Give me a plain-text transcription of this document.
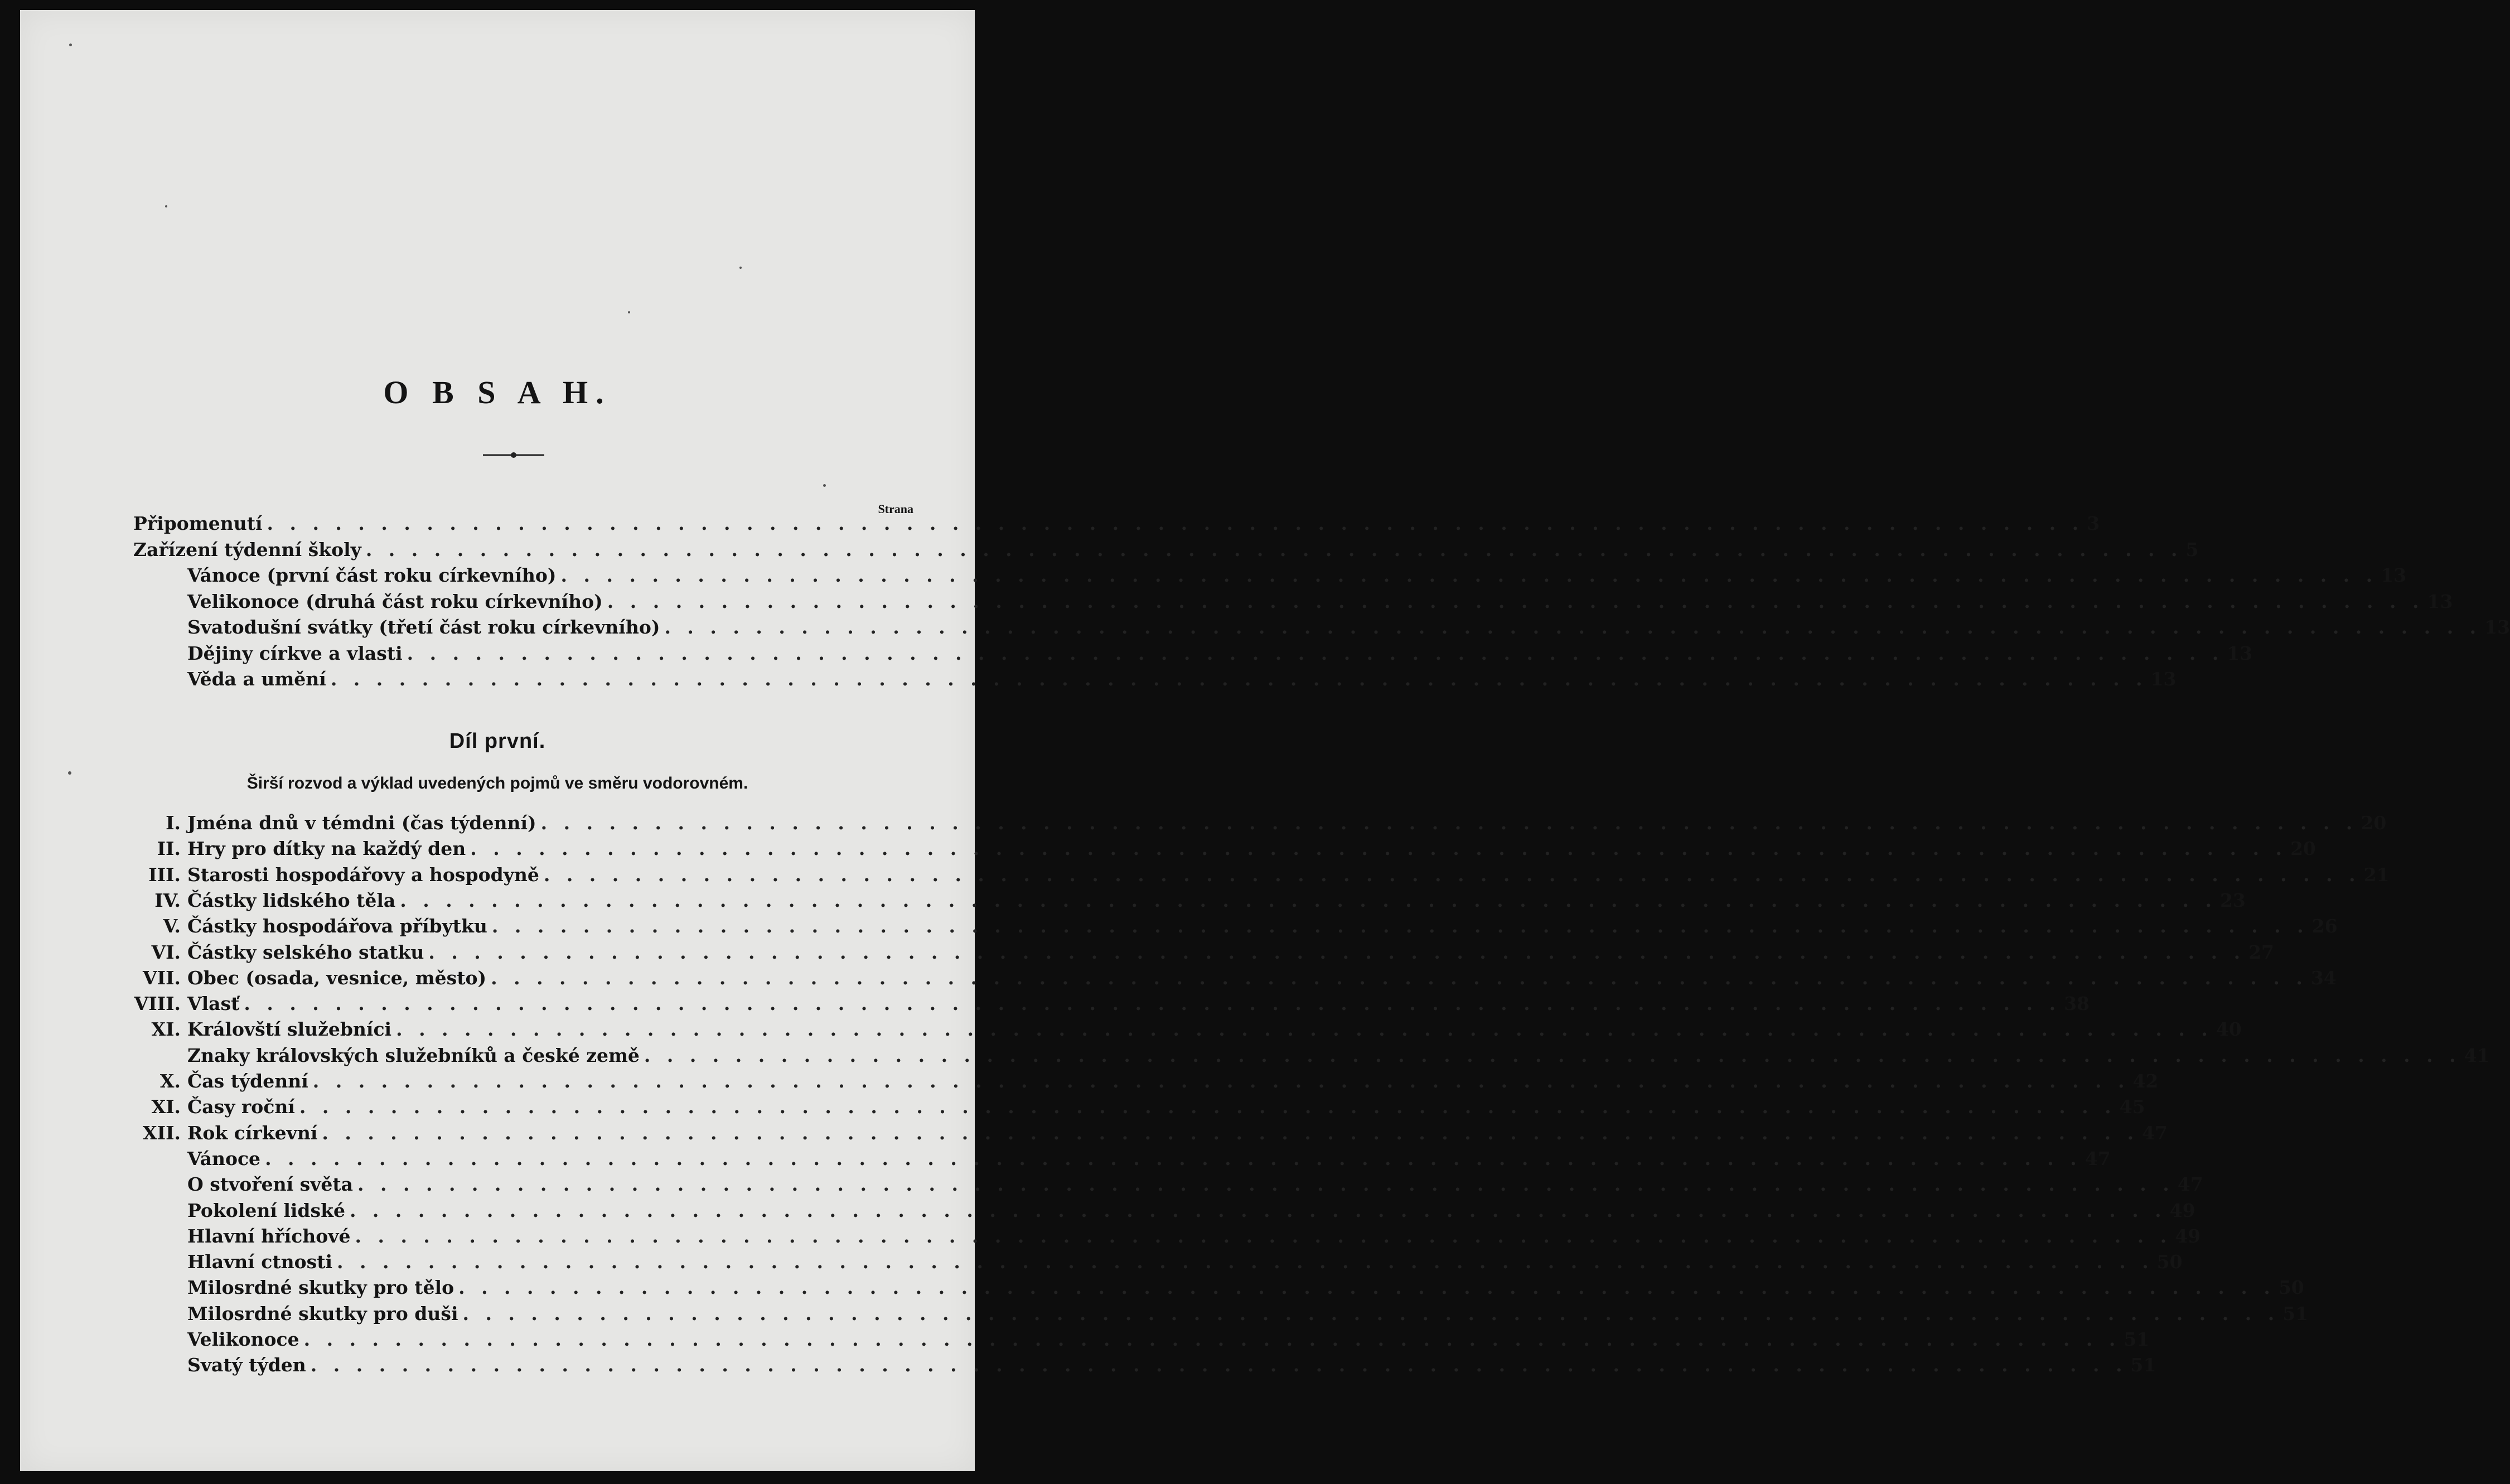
O B S A H.
Strana
Připomenutí . . . . . . . . . . . . . . . . . . . . . . . . . . . . . . . . . . . . . . . . . . . . . . . . . . . . . . . . . . . . . . . . . . . . . . . . . . . . . . . . 3
Zařízení týdenní školy . . . . . . . . . . . . . . . . . . . . . . . . . . . . . . . . . . . . . . . . . . . . . . . . . . . . . . . . . . . . . . . . . . . . . . . . . . . . . . . . 5
Vánoce (první část roku církevního) . . . . . . . . . . . . . . . . . . . . . . . . . . . . . . . . . . . . . . . . . . . . . . . . . . . . . . . . . . . . . . . . . . . . . . . . . . . . . . . . 13
Velikonoce (druhá část roku církevního) . . . . . . . . . . . . . . . . . . . . . . . . . . . . . . . . . . . . . . . . . . . . . . . . . . . . . . . . . . . . . . . . . . . . . . . . . . . . . . . . 13
Svatodušní svátky (třetí část roku církevního) . . . . . . . . . . . . . . . . . . . . . . . . . . . . . . . . . . . . . . . . . . . . . . . . . . . . . . . . . . . . . . . . . . . . . . . . . . . . . . . . 13
Dějiny církve a vlasti . . . . . . . . . . . . . . . . . . . . . . . . . . . . . . . . . . . . . . . . . . . . . . . . . . . . . . . . . . . . . . . . . . . . . . . . . . . . . . . . 13
Věda a umění . . . . . . . . . . . . . . . . . . . . . . . . . . . . . . . . . . . . . . . . . . . . . . . . . . . . . . . . . . . . . . . . . . . . . . . . . . . . . . . . 13
Díl první.
Širší rozvod a výklad uvedených pojmů ve směru vodorovném.
I. Jména dnů v témdni (čas týdenní) . . . . . . . . . . . . . . . . . . . . . . . . . . . . . . . . . . . . . . . . . . . . . . . . . . . . . . . . . . . . . . . . . . . . . . . . . . . . . . . . 20
II. Hry pro dítky na každý den . . . . . . . . . . . . . . . . . . . . . . . . . . . . . . . . . . . . . . . . . . . . . . . . . . . . . . . . . . . . . . . . . . . . . . . . . . . . . . . . 20
III. Starosti hospodářovy a hospodyně . . . . . . . . . . . . . . . . . . . . . . . . . . . . . . . . . . . . . . . . . . . . . . . . . . . . . . . . . . . . . . . . . . . . . . . . . . . . . . . . 21
IV. Částky lidského těla . . . . . . . . . . . . . . . . . . . . . . . . . . . . . . . . . . . . . . . . . . . . . . . . . . . . . . . . . . . . . . . . . . . . . . . . . . . . . . . . 23
V. Částky hospodářova příbytku . . . . . . . . . . . . . . . . . . . . . . . . . . . . . . . . . . . . . . . . . . . . . . . . . . . . . . . . . . . . . . . . . . . . . . . . . . . . . . . . 26
VI. Částky selského statku . . . . . . . . . . . . . . . . . . . . . . . . . . . . . . . . . . . . . . . . . . . . . . . . . . . . . . . . . . . . . . . . . . . . . . . . . . . . . . . . 27
VII. Obec (osada, vesnice, město) . . . . . . . . . . . . . . . . . . . . . . . . . . . . . . . . . . . . . . . . . . . . . . . . . . . . . . . . . . . . . . . . . . . . . . . . . . . . . . . . 34
VIII. Vlasť . . . . . . . . . . . . . . . . . . . . . . . . . . . . . . . . . . . . . . . . . . . . . . . . . . . . . . . . . . . . . . . . . . . . . . . . . . . . . . . . 38
XI. Královští služebníci . . . . . . . . . . . . . . . . . . . . . . . . . . . . . . . . . . . . . . . . . . . . . . . . . . . . . . . . . . . . . . . . . . . . . . . . . . . . . . . . 40
Znaky královských služebníků a české země . . . . . . . . . . . . . . . . . . . . . . . . . . . . . . . . . . . . . . . . . . . . . . . . . . . . . . . . . . . . . . . . . . . . . . . . . . . . . . . . 41
X. Čas týdenní . . . . . . . . . . . . . . . . . . . . . . . . . . . . . . . . . . . . . . . . . . . . . . . . . . . . . . . . . . . . . . . . . . . . . . . . . . . . . . . . 42
XI. Časy roční . . . . . . . . . . . . . . . . . . . . . . . . . . . . . . . . . . . . . . . . . . . . . . . . . . . . . . . . . . . . . . . . . . . . . . . . . . . . . . . . 45
XII. Rok církevní . . . . . . . . . . . . . . . . . . . . . . . . . . . . . . . . . . . . . . . . . . . . . . . . . . . . . . . . . . . . . . . . . . . . . . . . . . . . . . . . 47
Vánoce . . . . . . . . . . . . . . . . . . . . . . . . . . . . . . . . . . . . . . . . . . . . . . . . . . . . . . . . . . . . . . . . . . . . . . . . . . . . . . . . 47
O stvoření světa . . . . . . . . . . . . . . . . . . . . . . . . . . . . . . . . . . . . . . . . . . . . . . . . . . . . . . . . . . . . . . . . . . . . . . . . . . . . . . . . 47
Pokolení lidské . . . . . . . . . . . . . . . . . . . . . . . . . . . . . . . . . . . . . . . . . . . . . . . . . . . . . . . . . . . . . . . . . . . . . . . . . . . . . . . . 49
Hlavní hříchové . . . . . . . . . . . . . . . . . . . . . . . . . . . . . . . . . . . . . . . . . . . . . . . . . . . . . . . . . . . . . . . . . . . . . . . . . . . . . . . . 49
Hlavní ctnosti . . . . . . . . . . . . . . . . . . . . . . . . . . . . . . . . . . . . . . . . . . . . . . . . . . . . . . . . . . . . . . . . . . . . . . . . . . . . . . . . 50
Milosrdné skutky pro tělo . . . . . . . . . . . . . . . . . . . . . . . . . . . . . . . . . . . . . . . . . . . . . . . . . . . . . . . . . . . . . . . . . . . . . . . . . . . . . . . . 50
Milosrdné skutky pro duši . . . . . . . . . . . . . . . . . . . . . . . . . . . . . . . . . . . . . . . . . . . . . . . . . . . . . . . . . . . . . . . . . . . . . . . . . . . . . . . . 51
Velikonoce . . . . . . . . . . . . . . . . . . . . . . . . . . . . . . . . . . . . . . . . . . . . . . . . . . . . . . . . . . . . . . . . . . . . . . . . . . . . . . . . 51
Svatý týden . . . . . . . . . . . . . . . . . . . . . . . . . . . . . . . . . . . . . . . . . . . . . . . . . . . . . . . . . . . . . . . . . . . . . . . . . . . . . . . . 51
